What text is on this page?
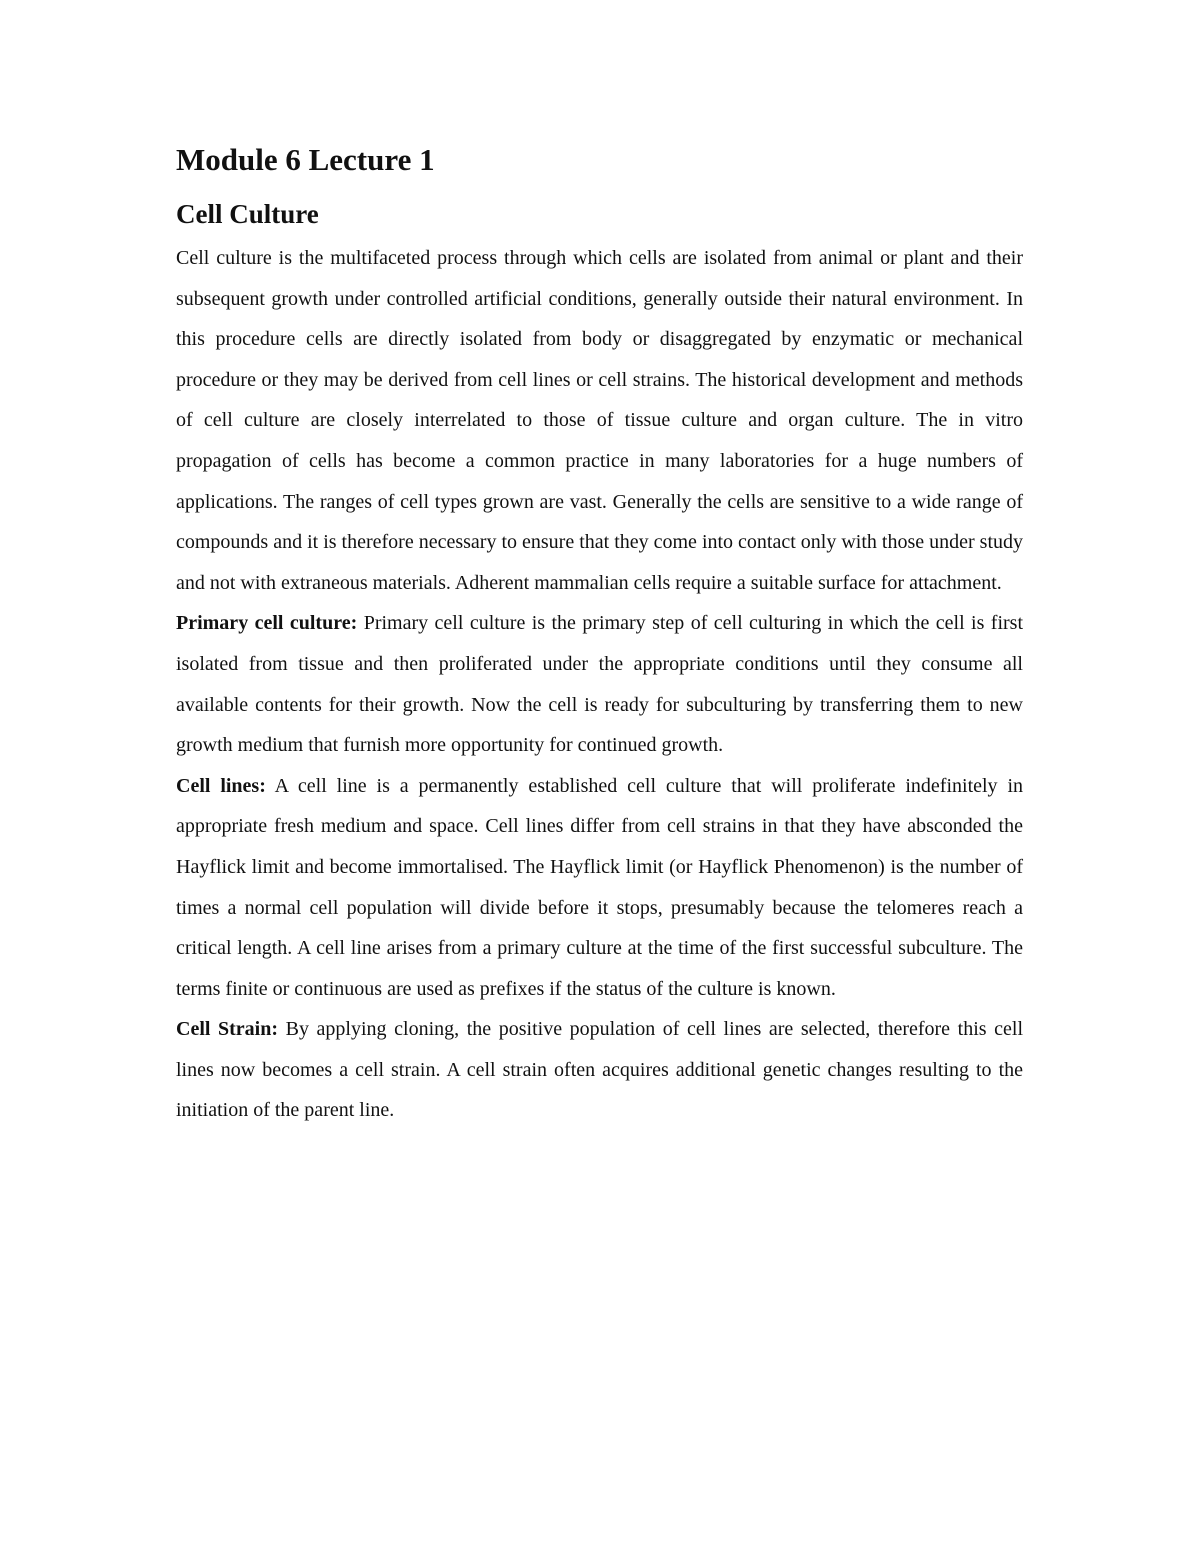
Module 6 Lecture 1
Cell Culture

Cell culture is the multifaceted process through which cells are isolated from animal or plant and their subsequent growth under controlled artificial conditions, generally outside their natural environment. In this procedure cells are directly isolated from body or disaggregated by enzymatic or mechanical procedure or they may be derived from cell lines or cell strains. The historical development and methods of cell culture are closely interrelated to those of tissue culture and organ culture. The in vitro propagation of cells has become a common practice in many laboratories for a huge numbers of applications. The ranges of cell types grown are vast. Generally the cells are sensitive to a wide range of compounds and it is therefore necessary to ensure that they come into contact only with those under study and not with extraneous materials. Adherent mammalian cells require a suitable surface for attachment.

Primary cell culture: Primary cell culture is the primary step of cell culturing in which the cell is first isolated from tissue and then proliferated under the appropriate conditions until they consume all available contents for their growth. Now the cell is ready for subculturing by transferring them to new growth medium that furnish more opportunity for continued growth.

Cell lines: A cell line is a permanently established cell culture that will proliferate indefinitely in appropriate fresh medium and space. Cell lines differ from cell strains in that they have absconded the Hayflick limit and become immortalised. The Hayflick limit (or Hayflick Phenomenon) is the number of times a normal cell population will divide before it stops, presumably because the telomeres reach a critical length. A cell line arises from a primary culture at the time of the first successful subculture. The terms finite or continuous are used as prefixes if the status of the culture is known.

Cell Strain: By applying cloning, the positive population of cell lines are selected, therefore this cell lines now becomes a cell strain. A cell strain often acquires additional genetic changes resulting to the initiation of the parent line.
